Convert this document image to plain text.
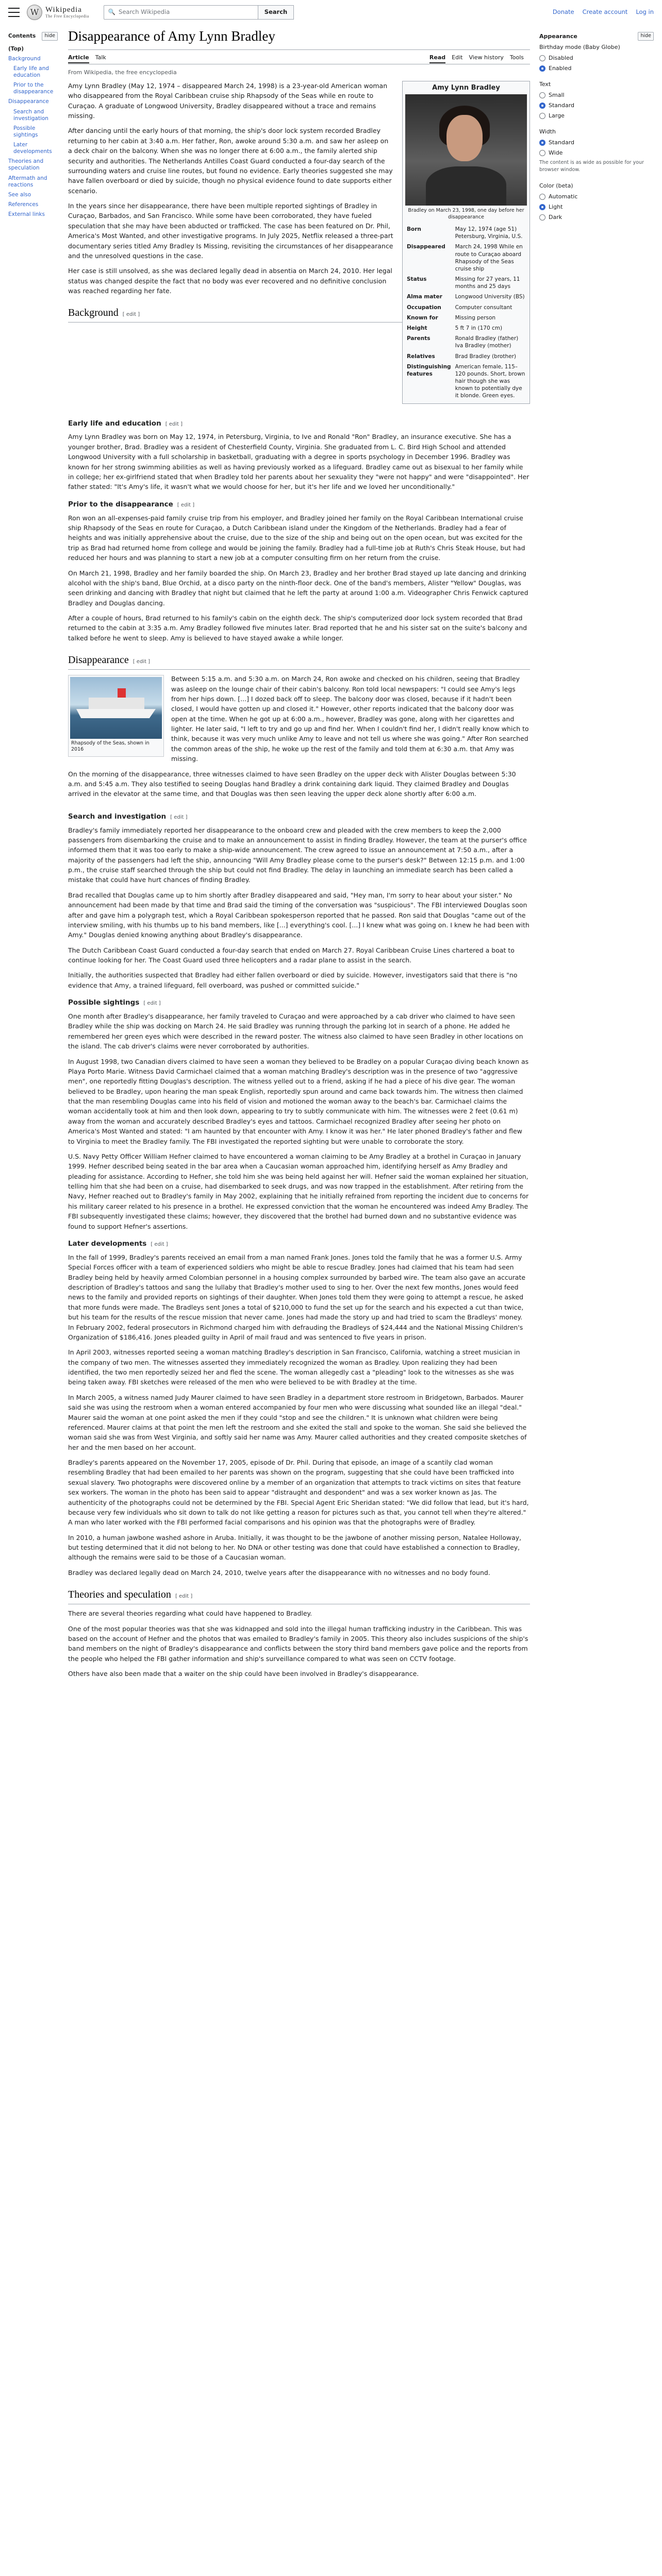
W Wikipedia
The Free Encyclopedia
🔍 Search Wikipedia	Search	Donate Create account Log in
Contents	hide
(Top)
Background
Early life and education
Prior to the disappearance
Disappearance
Search and investigation
Possible sightings
Later developments
Theories and speculation
Aftermath and reactions
See also
References
External links
Disappearance of Amy Lynn Bradley
Article Talk	Read Edit View history Tools
From Wikipedia, the free encyclopedia
Amy Lynn Bradley
Bradley on March 23, 1998, one day before her disappearance
Born	May 12, 1974 (age 51) Petersburg, Virginia, U.S.
Disappeared	March 24, 1998 While en route to Curaçao aboard Rhapsody of the Seas cruise ship
Status	Missing for 27 years, 11 months and 25 days
Alma mater	Longwood University (BS)
Occupation	Computer consultant
Known for	Missing person
Height	5 ft 7 in (170 cm)
Parents	Ronald Bradley (father) Iva Bradley (mother)
Relatives	Brad Bradley (brother)
Distinguishing features	American female, 115–120 pounds. Short, brown hair though she was known to potentially dye it blonde. Green eyes.

Amy Lynn Bradley (May 12, 1974 – disappeared March 24, 1998) is a 23-year-old American woman who disappeared from the Royal Caribbean cruise ship Rhapsody of the Seas while en route to Curaçao. A graduate of Longwood University, Bradley disappeared without a trace and remains missing.

After dancing until the early hours of that morning, the ship's door lock system recorded Bradley returning to her cabin at 3:40 a.m. Her father, Ron, awoke around 5:30 a.m. and saw her asleep on a deck chair on the balcony. When she was no longer there at 6:00 a.m., the family alerted ship security and authorities. The Netherlands Antilles Coast Guard conducted a four-day search of the surrounding waters and cruise line routes, but found no evidence. Early theories suggested she may have fallen overboard or died by suicide, though no physical evidence found to date supports either scenario.

In the years since her disappearance, there have been multiple reported sightings of Bradley in Curaçao, Barbados, and San Francisco. While some have been corroborated, they have fueled speculation that she may have been abducted or trafficked. The case has been featured on Dr. Phil, America's Most Wanted, and other investigative programs. In July 2025, Netflix released a three-part documentary series titled Amy Bradley Is Missing, revisiting the circumstances of her disappearance and the unresolved questions in the case.

Her case is still unsolved, as she was declared legally dead in absentia on March 24, 2010. Her legal status was changed despite the fact that no body was ever recovered and no definitive conclusion was reached regarding her fate.

Background [ edit ]
Early life and education [ edit ]

Amy Lynn Bradley was born on May 12, 1974, in Petersburg, Virginia, to Ive and Ronald "Ron" Bradley, an insurance executive. She has a younger brother, Brad. Bradley was a resident of Chesterfield County, Virginia. She graduated from L. C. Bird High School and attended Longwood University with a full scholarship in basketball, graduating with a degree in sports psychology in December 1996. Bradley was known for her strong swimming abilities as well as having previously worked as a lifeguard. Bradley came out as bisexual to her family while in college; her ex-girlfriend stated that when Bradley told her parents about her sexuality they "were not happy" and were "disappointed". Her father stated: "It's Amy's life, it wasn't what we would choose for her, but it's her life and we loved her unconditionally."

Prior to the disappearance [ edit ]

Ron won an all-expenses-paid family cruise trip from his employer, and Bradley joined her family on the Royal Caribbean International cruise ship Rhapsody of the Seas en route for Curaçao, a Dutch Caribbean island under the Kingdom of the Netherlands. Bradley had a fear of heights and was initially apprehensive about the cruise, due to the size of the ship and being out on the open ocean, but was excited for the trip as Brad had returned home from college and would be joining the family. Bradley had a full-time job at Ruth's Chris Steak House, but had reduced her hours and was planning to start a new job at a computer consulting firm on her return from the cruise.

On March 21, 1998, Bradley and her family boarded the ship. On March 23, Bradley and her brother Brad stayed up late dancing and drinking alcohol with the ship's band, Blue Orchid, at a disco party on the ninth-floor deck. One of the band's members, Alister "Yellow" Douglas, was seen drinking and dancing with Bradley that night but claimed that he left the party at around 1:00 a.m. Videographer Chris Fenwick captured Bradley and Douglas dancing.

After a couple of hours, Brad returned to his family's cabin on the eighth deck. The ship's computerized door lock system recorded that Brad returned to the cabin at 3:35 a.m. Amy Bradley followed five minutes later. Brad reported that he and his sister sat on the suite's balcony and talked before he went to sleep. Amy is believed to have stayed awake a while longer.

Disappearance [ edit ]
Rhapsody of the Seas, shown in 2016

Between 5:15 a.m. and 5:30 a.m. on March 24, Ron awoke and checked on his children, seeing that Bradley was asleep on the lounge chair of their cabin's balcony. Ron told local newspapers: "I could see Amy's legs from her hips down. [...] I dozed back off to sleep. The balcony door was closed, because if it hadn't been closed, I would have gotten up and closed it." However, other reports indicated that the balcony door was open at the time. When he got up at 6:00 a.m., however, Bradley was gone, along with her cigarettes and lighter. He later said, "I left to try and go up and find her. When I couldn't find her, I didn't really know which to think, because it was very much unlike Amy to leave and not tell us where she was going." After Ron searched the common areas of the ship, he woke up the rest of the family and told them at 6:30 a.m. that Amy was missing.

On the morning of the disappearance, three witnesses claimed to have seen Bradley on the upper deck with Alister Douglas between 5:30 a.m. and 5:45 a.m. They also testified to seeing Douglas hand Bradley a drink containing dark liquid. They claimed Bradley and Douglas arrived in the elevator at the same time, and that Douglas was then seen leaving the upper deck alone shortly after 6:00 a.m.

Search and investigation [ edit ]

Bradley's family immediately reported her disappearance to the onboard crew and pleaded with the crew members to keep the 2,000 passengers from disembarking the cruise and to make an announcement to assist in finding Bradley. However, the team at the purser's office informed them that it was too early to make a ship-wide announcement. The crew agreed to issue an announcement at 7:50 a.m., after a majority of the passengers had left the ship, announcing "Will Amy Bradley please come to the purser's desk?" Between 12:15 p.m. and 1:00 p.m., the cruise staff searched through the ship but could not find Bradley. The delay in launching an immediate search has been called a mistake that could have hurt chances of finding Bradley.

Brad recalled that Douglas came up to him shortly after Bradley disappeared and said, "Hey man, I'm sorry to hear about your sister." No announcement had been made by that time and Brad said the timing of the conversation was "suspicious". The FBI interviewed Douglas soon after and gave him a polygraph test, which a Royal Caribbean spokesperson reported that he passed. Ron said that Douglas "came out of the interview smiling, with his thumbs up to his band members, like [...] everything's cool. [...] I knew what was going on. I knew he had been with Amy." Douglas denied knowing anything about Bradley's disappearance.

The Dutch Caribbean Coast Guard conducted a four-day search that ended on March 27. Royal Caribbean Cruise Lines chartered a boat to continue looking for her. The Coast Guard used three helicopters and a radar plane to assist in the search.

Initially, the authorities suspected that Bradley had either fallen overboard or died by suicide. However, investigators said that there is "no evidence that Amy, a trained lifeguard, fell overboard, was pushed or committed suicide."

Possible sightings [ edit ]

One month after Bradley's disappearance, her family traveled to Curaçao and were approached by a cab driver who claimed to have seen Bradley while the ship was docking on March 24. He said Bradley was running through the parking lot in search of a phone. He added he remembered her green eyes which were described in the reward poster. The witness also claimed to have seen Bradley in other locations on the island. The cab driver's claims were never corroborated by authorities.

In August 1998, two Canadian divers claimed to have seen a woman they believed to be Bradley on a popular Curaçao diving beach known as Playa Porto Marie. Witness David Carmichael claimed that a woman matching Bradley's description was in the presence of two "aggressive men", one reportedly fitting Douglas's description. The witness yelled out to a friend, asking if he had a piece of his dive gear. The woman believed to be Bradley, upon hearing the man speak English, reportedly spun around and came back towards him. The witness then claimed that the man resembling Douglas came into his field of vision and motioned the woman away to the beach's bar. Carmichael claims the woman accidentally took at him and then look down, appearing to try to subtly communicate with him. The witnesses were 2 feet (0.61 m) away from the woman and accurately described Bradley's eyes and tattoos. Carmichael recognized Bradley after seeing her photo on America's Most Wanted and stated: "I am haunted by that encounter with Amy. I know it was her." He later phoned Bradley's father and flew to Virginia to meet the Bradley family. The FBI investigated the reported sighting but were unable to corroborate the story.

U.S. Navy Petty Officer William Hefner claimed to have encountered a woman claiming to be Amy Bradley at a brothel in Curaçao in January 1999. Hefner described being seated in the bar area when a Caucasian woman approached him, identifying herself as Amy Bradley and pleading for assistance. According to Hefner, she told him she was being held against her will. Hefner said the woman explained her situation, telling him that she had been on a cruise, had disembarked to seek drugs, and was now trapped in the establishment. After retiring from the Navy, Hefner reached out to Bradley's family in May 2002, explaining that he initially refrained from reporting the incident due to concerns for his military career related to his presence in a brothel. He expressed conviction that the woman he encountered was indeed Amy Bradley. The FBI subsequently investigated these claims; however, they discovered that the brothel had burned down and no substantive evidence was found to support Hefner's assertions.

Later developments [ edit ]

In the fall of 1999, Bradley's parents received an email from a man named Frank Jones. Jones told the family that he was a former U.S. Army Special Forces officer with a team of experienced soldiers who might be able to rescue Bradley. Jones had claimed that his team had seen Bradley being held by heavily armed Colombian personnel in a housing complex surrounded by barbed wire. The team also gave an accurate description of Bradley's tattoos and sang the lullaby that Bradley's mother used to sing to her. Over the next few months, Jones would feed news to the family and provided reports on sightings of their daughter. When Jones told them they were going to attempt a rescue, he asked that more funds were made. The Bradleys sent Jones a total of $210,000 to fund the set up for the search and his expected a cut than twice, but his team for the results of the rescue mission that never came. Jones had made the story up and had tried to scam the Bradleys' money. In February 2002, federal prosecutors in Richmond charged him with defrauding the Bradleys of $24,444 and the National Missing Children's Organization of $186,416. Jones pleaded guilty in April of mail fraud and was sentenced to five years in prison.

In April 2003, witnesses reported seeing a woman matching Bradley's description in San Francisco, California, watching a street musician in the company of two men. The witnesses asserted they immediately recognized the woman as Bradley. Upon realizing they had been identified, the two men reportedly seized her and fled the scene. The woman allegedly cast a "pleading" look to the witnesses as she was being taken away. FBI sketches were released of the men who were believed to be with Bradley at the time.

In March 2005, a witness named Judy Maurer claimed to have seen Bradley in a department store restroom in Bridgetown, Barbados. Maurer said she was using the restroom when a woman entered accompanied by four men who were discussing what sounded like an illegal "deal." Maurer said the woman at one point asked the men if they could "stop and see the children." It is unknown what children were being referenced. Maurer claims at that point the men left the restroom and she exited the stall and spoke to the woman. She said she believed the woman said she was from West Virginia, and softly said her name was Amy. Maurer called authorities and they created composite sketches of her and the men based on her account.

Bradley's parents appeared on the November 17, 2005, episode of Dr. Phil. During that episode, an image of a scantily clad woman resembling Bradley that had been emailed to her parents was shown on the program, suggesting that she could have been trafficked into sexual slavery. Two photographs were discovered online by a member of an organization that attempts to track victims on sites that feature sex workers. The woman in the photo has been said to appear "distraught and despondent" and was a sex worker known as Jas. The authenticity of the photographs could not be determined by the FBI. Special Agent Eric Sheridan stated: "We did follow that lead, but it's hard, because very few individuals who sit down to talk do not like getting a reason for pictures such as that, you cannot tell when they're altered." A man who later worked with the FBI performed facial comparisons and his opinion was that the photographs were of Bradley.

In 2010, a human jawbone washed ashore in Aruba. Initially, it was thought to be the jawbone of another missing person, Natalee Holloway, but testing determined that it did not belong to her. No DNA or other testing was done that could have established a connection to Bradley, although the remains were said to be those of a Caucasian woman.

Bradley was declared legally dead on March 24, 2010, twelve years after the disappearance with no witnesses and no body found.

Theories and speculation [ edit ]

There are several theories regarding what could have happened to Bradley.

One of the most popular theories was that she was kidnapped and sold into the illegal human trafficking industry in the Caribbean. This was based on the account of Hefner and the photos that was emailed to Bradley's family in 2005. This theory also includes suspicions of the ship's band members on the night of Bradley's disappearance and conflicts between the story third band members gave police and the reports from the people who helped the FBI gather information and ship's surveillance compared to what was seen on CCTV footage.

Others have also been made that a waiter on the ship could have been involved in Bradley's disappearance.

Appearance	hide
Birthday mode (Baby Globe)
Disabled
Enabled
Text
Small
Standard
Large
Width
Standard
Wide
The content is as wide as possible for your browser window.
Color (beta)
Automatic
Light
Dark
